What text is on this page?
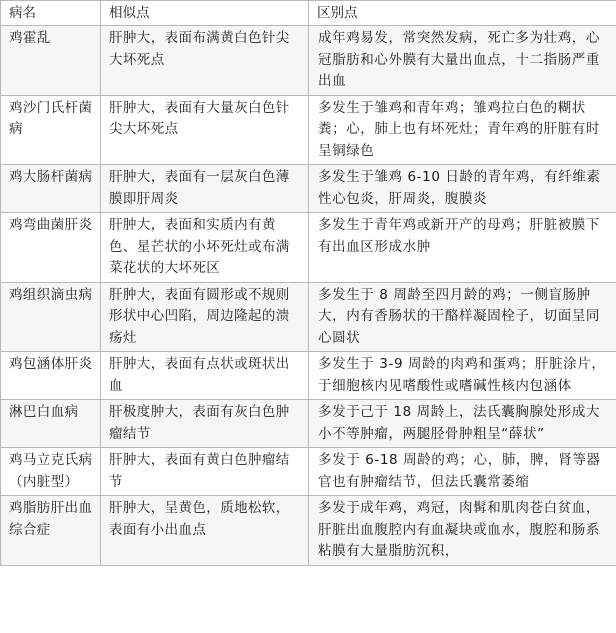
病名	相似点	区别点

鸡霍乱	肝肿大，表面布满黄白色针尖大坏死点	成年鸡易发，常突然发病，死亡多为壮鸡，心冠脂肪和心外膜有大量出血点，十二指肠严重出血

鸡沙门氏杆菌病	肝肿大，表面有大量灰白色针尖大坏死点	多发生于雏鸡和青年鸡；雏鸡拉白色的糊状粪；心，肺上也有坏死灶；青年鸡的肝脏有时呈铜绿色

鸡大肠杆菌病	肝肿大，表面有一层灰白色薄膜即肝周炎	多发生于雏鸡 6-10 日龄的青年鸡，有纤维素性心包炎，肝周炎，腹膜炎

鸡弯曲菌肝炎	肝肿大，表面和实质内有黄色、星芒状的小坏死灶或布满菜花状的大坏死区	多发生于青年鸡或新开产的母鸡；肝脏被膜下有出血区形成水肿

鸡组织滴虫病	肝肿大，表面有圆形或不规则形状中心凹陷，周边隆起的溃疡灶	多发生于 8 周龄至四月龄的鸡；一侧盲肠肿大，内有香肠状的干酪样凝固栓子，切面呈同心圆状

鸡包涵体肝炎	肝肿大，表面有点状或斑状出血	多发生于 3-9 周龄的肉鸡和蛋鸡；肝脏涂片，于细胞核内见嗜酸性或嗜碱性核内包涵体

淋巴白血病	肝极度肿大，表面有灰白色肿瘤结节	多发于己于 18 周龄上，法氏囊胸腺处形成大小不等肿瘤，两腿胫骨肿粗呈“薛状”

鸡马立克氏病（内脏型）	肝肿大，表面有黄白色肿瘤结节	多发于 6-18 周龄的鸡；心，肺，脾，肾等器官也有肿瘤结节，但法氏囊常萎缩

鸡脂肪肝出血综合症	肝肿大，呈黄色，质地松软，表面有小出血点	多发于成年鸡，鸡冠，肉髯和肌肉苍白贫血，肝脏出血腹腔内有血凝块或血水，腹腔和肠系粘膜有大量脂肪沉积，
